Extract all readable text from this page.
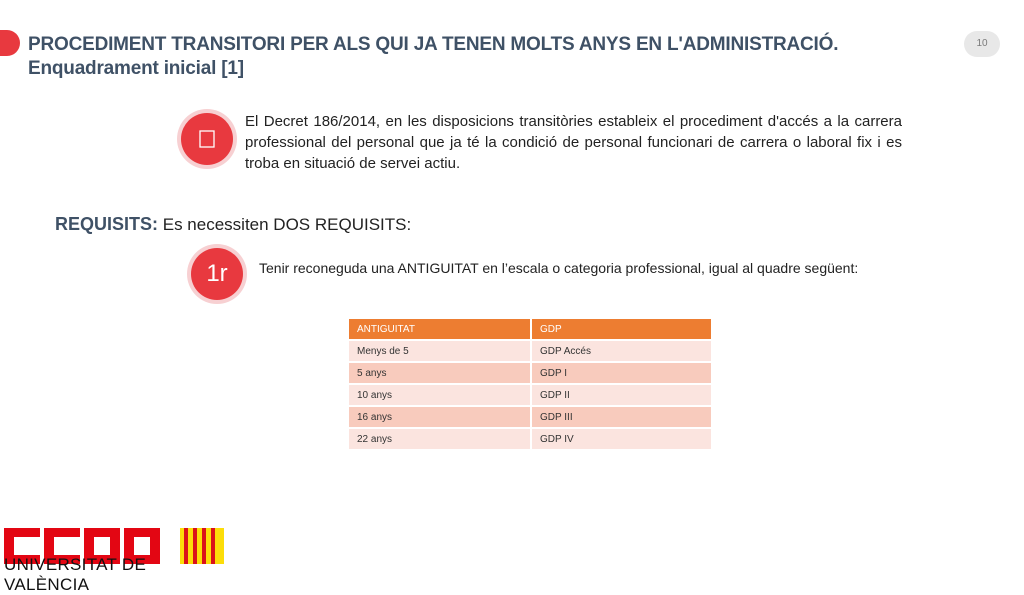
PROCEDIMENT TRANSITORI PER ALS QUI JA TENEN MOLTS ANYS EN L'ADMINISTRACIÓ. Enquadrament inicial [1]
10
El Decret 186/2014, en les disposicions transitòries estableix el procediment d'accés a la carrera professional del personal que ja té la condició de personal funcionari de carrera o laboral fix i es troba en situació de servei actiu.
REQUISITS: Es necessiten DOS REQUISITS:
1r	Tenir reconeguda una ANTIGUITAT en l’escala o categoria professional, igual al quadre següent:
ANTIGUITAT	GDP
Menys de 5	GDP Accés
5 anys	GDP I
10 anys	GDP II
16 anys	GDP III
22 anys	GDP IV
UNIVERSITAT DE VALÈNCIA
